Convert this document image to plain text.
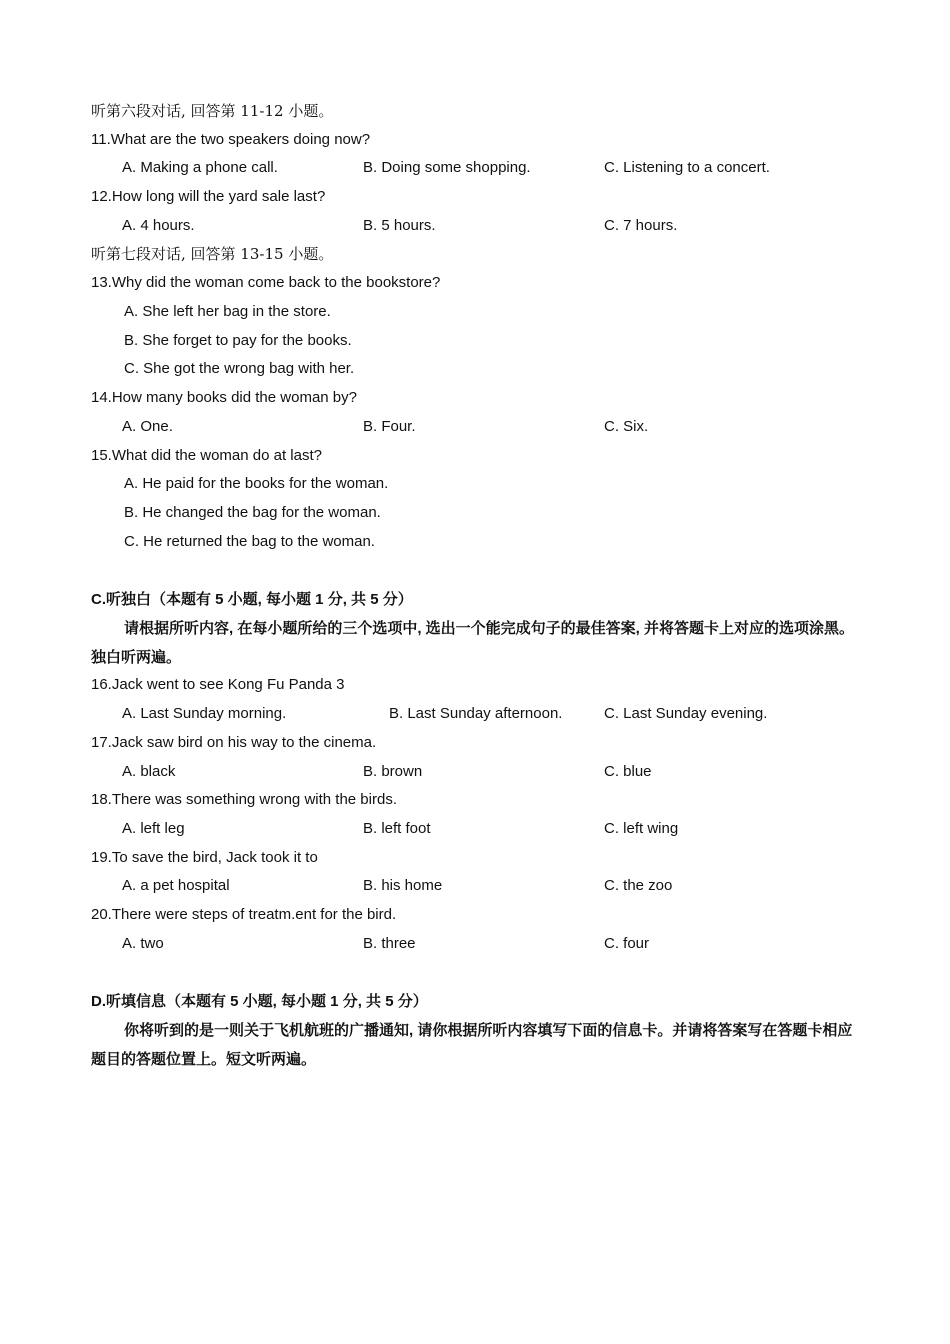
听第六段对话, 回答第 11-12 小题。
11.What are the two speakers doing now?
A. Making a phone call.	B. Doing some shopping.	C. Listening to a concert.
12.How long will the yard sale last?
A. 4 hours.	B. 5 hours.	C. 7 hours.
听第七段对话, 回答第 13-15 小题。
13.Why did the woman come back to the bookstore?
A. She left her bag in the store.
B. She forget to pay for the books.
C. She got the wrong bag with her.
14.How many books did the woman by?
A. One.	B. Four.	C. Six.
15.What did the woman do at last?
A. He paid for the books for the woman.
B. He changed the bag for the woman.
C. He returned the bag to the woman.
C.听独白（本题有 5 小题, 每小题 1 分, 共 5 分）
请根据所听内容, 在每小题所给的三个选项中, 选出一个能完成句子的最佳答案, 并将答题卡上对应的选项涂黑。独白听两遍。
16.Jack went to see Kong Fu Panda 3
A. Last Sunday morning.	B. Last Sunday afternoon.	C. Last Sunday evening.
17.Jack saw bird on his way to the cinema.
A. black	B. brown	C. blue
18.There was something wrong with the birds.
A. left leg	B. left foot	C. left wing
19.To save the bird, Jack took it to
A. a pet hospital	B. his home	C. the zoo
20.There were steps of treatm.ent for the bird.
A. two	B. three	C. four
D.听填信息（本题有 5 小题, 每小题 1 分, 共 5 分）
你将听到的是一则关于飞机航班的广播通知, 请你根据所听内容填写下面的信息卡。并请将答案写在答题卡相应题目的答题位置上。短文听两遍。
